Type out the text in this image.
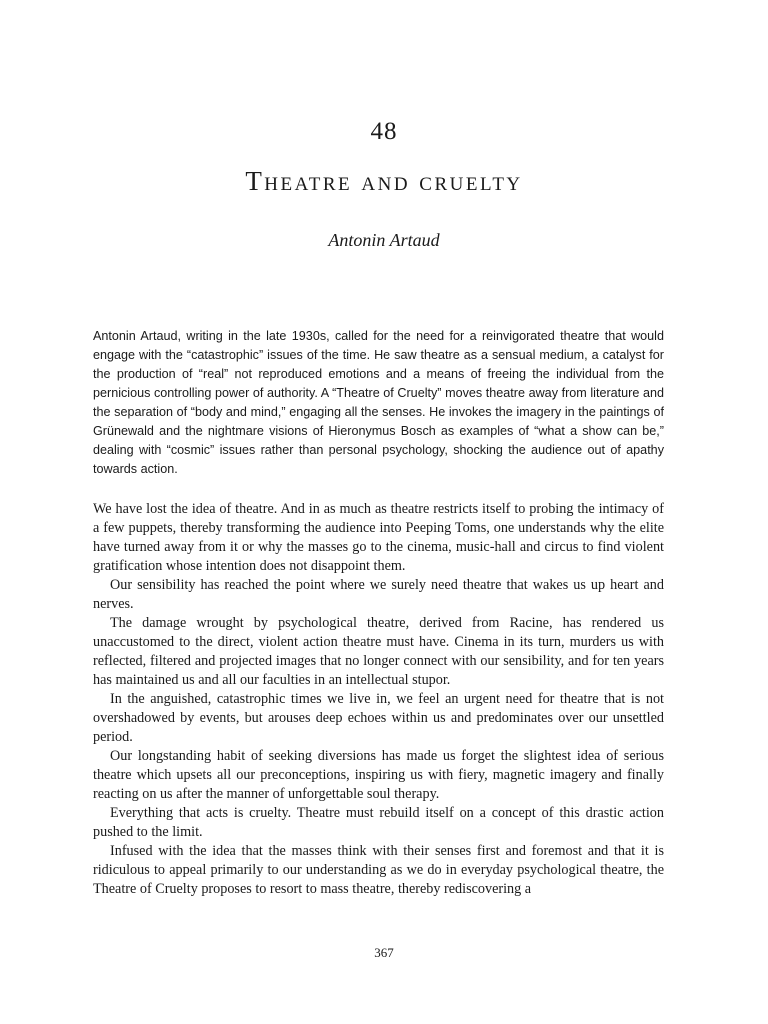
48
Theatre and cruelty
Antonin Artaud

Antonin Artaud, writing in the late 1930s, called for the need for a reinvigorated theatre that would engage with the “catastrophic” issues of the time. He saw theatre as a sensual medium, a catalyst for the production of “real” not reproduced emotions and a means of freeing the individual from the pernicious controlling power of authority. A “Theatre of Cruelty” moves theatre away from literature and the separation of “body and mind,” engaging all the senses. He invokes the imagery in the paintings of Grünewald and the nightmare visions of Hieronymus Bosch as examples of “what a show can be,” dealing with “cosmic” issues rather than personal psychology, shocking the audience out of apathy towards action.

We have lost the idea of theatre. And in as much as theatre restricts itself to probing the intimacy of a few puppets, thereby transforming the audience into Peeping Toms, one understands why the elite have turned away from it or why the masses go to the cinema, music-hall and circus to find violent gratification whose intention does not disappoint them.

Our sensibility has reached the point where we surely need theatre that wakes us up heart and nerves.

The damage wrought by psychological theatre, derived from Racine, has rendered us unaccustomed to the direct, violent action theatre must have. Cinema in its turn, murders us with reflected, filtered and projected images that no longer connect with our sensibility, and for ten years has maintained us and all our faculties in an intellectual stupor.

In the anguished, catastrophic times we live in, we feel an urgent need for theatre that is not overshadowed by events, but arouses deep echoes within us and predominates over our unsettled period.

Our longstanding habit of seeking diversions has made us forget the slightest idea of serious theatre which upsets all our preconceptions, inspiring us with fiery, magnetic imagery and finally reacting on us after the manner of unforgettable soul therapy.

Everything that acts is cruelty. Theatre must rebuild itself on a concept of this drastic action pushed to the limit.

Infused with the idea that the masses think with their senses first and foremost and that it is ridiculous to appeal primarily to our understanding as we do in everyday psychological theatre, the Theatre of Cruelty proposes to resort to mass theatre, thereby rediscovering a

367
